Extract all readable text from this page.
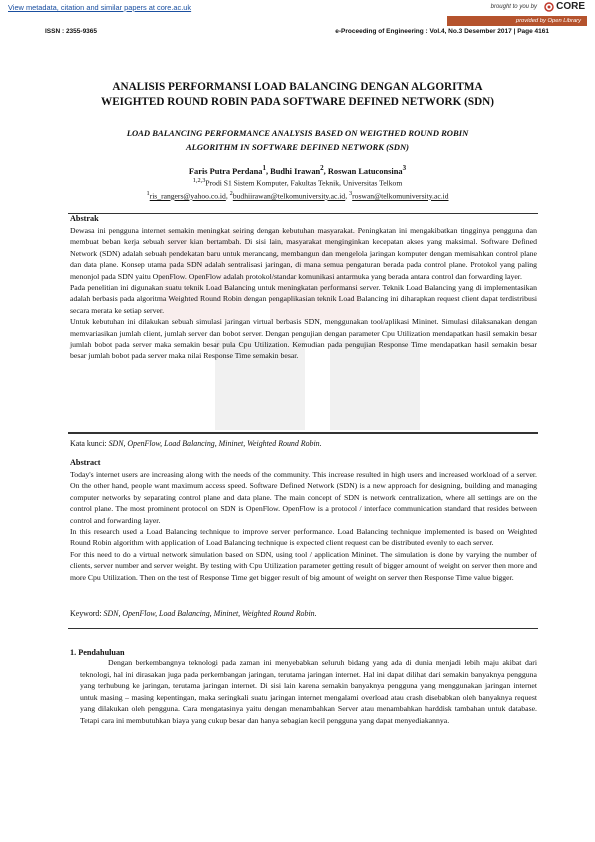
View metadata, citation and similar papers at core.ac.uk	brought to you by CORE
provided by Open Library
ISSN : 2355-9365	e-Proceeding of Engineering : Vol.4, No.3 Desember 2017 | Page 4161
ANALISIS PERFORMANSI LOAD BALANCING DENGAN ALGORITMA
WEIGHTED ROUND ROBIN PADA SOFTWARE DEFINED NETWORK (SDN)
LOAD BALANCING PERFORMANCE ANALYSIS BASED ON WEIGTHED ROUND ROBIN
ALGORITHM IN SOFTWARE DEFINED NETWORK (SDN)
Faris Putra Perdana$^1$, Budhi Irawan$^2$, Roswan Latuconsina$^3$
$^{1,2,3}$Prodi S1 Sistem Komputer, Fakultas Teknik, Universitas Telkom
$^1$ris_rangers@yahoo.co.id, $^2$budhiirawan@telkomuniversity.ac.id, $^3$roswan@telkomuniversity.ac.id
Abstrak

Dewasa ini pengguna internet semakin meningkat seiring dengan kebutuhan masyarakat. Peningkatan ini mengakibatkan tingginya pengguna dan membuat beban kerja sebuah server kian bertambah. Di sisi lain, masyarakat menginginkan kecepatan akses yang maksimal. Software Defined Network (SDN) adalah sebuah pendekatan baru untuk merancang, membangun dan mengelola jaringan komputer dengan memisahkan control plane dan data plane. Konsep utama pada SDN adalah sentralisasi jaringan, di mana semua pengaturan berada pada control plane. Protokol yang paling menonjol pada SDN yaitu OpenFlow. OpenFlow adalah protokol/standar komunikasi antarmuka yang berada antara control dan forwarding layer.

Pada penelitian ini digunakan suatu teknik Load Balancing untuk meningkatan performansi server. Teknik Load Balancing yang di implementasikan adalah berbasis pada algoritma Weighted Round Robin dengan pengaplikasian teknik Load Balancing ini diharapkan request client dapat terdistribusi secara merata ke setiap server.

Untuk kebutuhan ini dilakukan sebuah simulasi jaringan virtual berbasis SDN, menggunakan tool/aplikasi Mininet. Simulasi dilaksanakan dengan memvariasikan jumlah client, jumlah server dan bobot server. Dengan pengujian dengan parameter Cpu Utilization mendapatkan hasil semakin besar jumlah bobot pada server maka semakin besar pula Cpu Utilization. Kemudian pada pengujian Response Time mendapatkan hasil semakin besar besar jumlah bobot pada server maka nilai Response Time semakin besar.

Kata kunci: SDN, OpenFlow, Load Balancing, Mininet, Weighted Round Robin.
Abstract

Today's internet users are increasing along with the needs of the community. This increase resulted in high users and increased workload of a server. On the other hand, people want maximum access speed. Software Defined Network (SDN) is a new approach for designing, building and managing computer networks by separating control plane and data plane. The main concept of SDN is network centralization, where all settings are on the control plane. The most prominent protocol on SDN is OpenFlow. OpenFlow is a protocol / interface communication standard that resides between control and forwarding layer.

In this research used a Load Balancing technique to improve server performance. Load Balancing technique implemented is based on Weighted Round Robin algorithm with application of Load Balancing technique is expected client request can be distributed evenly to each server.

For this need to do a virtual network simulation based on SDN, using tool / application Mininet. The simulation is done by varying the number of clients, server number and server weight. By testing with Cpu Utilization parameter getting result of bigger amount of weight on server then more and more Cpu Utilization. Then on the test of Response Time get bigger result of big amount of weight on server then Response Time value bigger.

Keyword: SDN, OpenFlow, Load Balancing, Mininet, Weighted Round Robin.
1. Pendahuluan

Dengan berkembangnya teknologi pada zaman ini menyebabkan seluruh bidang yang ada di dunia menjadi lebih maju akibat dari teknologi, hal ini dirasakan juga pada perkembangan jaringan, terutama jaringan internet. Hal ini dapat dilihat dari semakin banyaknya pengguna yang terhubung ke jaringan, terutama jaringan internet. Di sisi lain karena semakin banyaknya pengguna yang menggunakan jaringan internet untuk masing – masing kepentingan, maka seringkali suatu jaringan internet mengalami overload atau crash disebabkan oleh banyaknya request yang dilakukan oleh pengguna. Cara mengatasinya yaitu dengan menambahkan Server atau menambahkan harddisk tambahan untuk database. Tetapi cara ini membutuhkan biaya yang cukup besar dan hanya sebagian kecil pengguna yang dapat menyediakannya.
